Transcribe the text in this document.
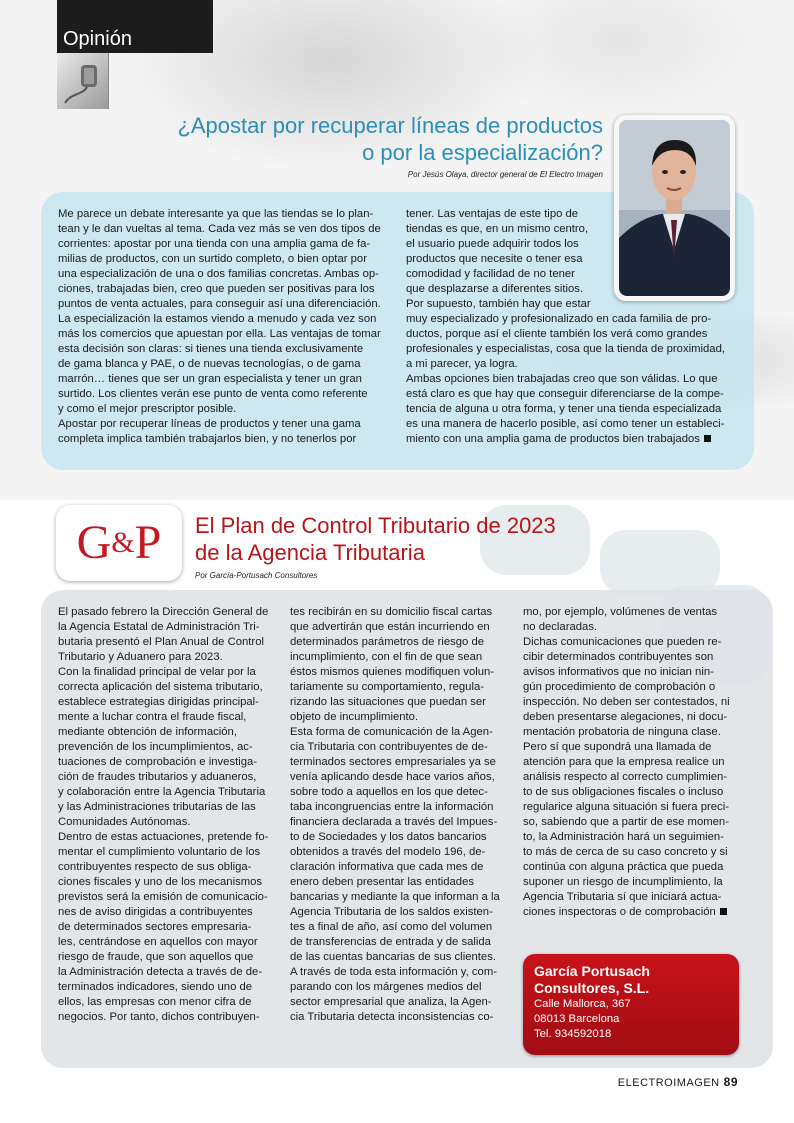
Opinión
¿Apostar por recuperar líneas de productos
o por la especialización?
Por Jesús Olaya, director general de El Electro Imagen

Me parece un debate interesante ya que las tiendas se lo plan-

tean y le dan vueltas al tema. Cada vez más se ven dos tipos de

corrientes: apostar por una tienda con una amplia gama de fa-

milias de productos, con un surtido completo, o bien optar por

una especialización de una o dos familias concretas. Ambas op-

ciones, trabajadas bien, creo que pueden ser positivas para los

puntos de venta actuales, para conseguir así una diferenciación.

La especialización la estamos viendo a menudo y cada vez son

más los comercios que apuestan por ella. Las ventajas de tomar

esta decisión son claras: si tienes una tienda exclusivamente

de gama blanca y PAE, o de nuevas tecnologías, o de gama

marrón… tienes que ser un gran especialista y tener un gran

surtido. Los clientes verán ese punto de venta como referente

y como el mejor prescriptor posible.

Apostar por recuperar líneas de productos y tener una gama

completa implica también trabajarlos bien, y no tenerlos por

tener. Las ventajas de este tipo de

tiendas es que, en un mismo centro,

el usuario puede adquirir todos los

productos que necesite o tener esa

comodidad y facilidad de no tener

que desplazarse a diferentes sitios.

Por supuesto, también hay que estar

muy especializado y profesionalizado en cada familia de pro-

ductos, porque así el cliente también los verá como grandes

profesionales y especialistas, cosa que la tienda de proximidad,

a mi parecer, ya logra.

Ambas opciones bien trabajadas creo que son válidas. Lo que

está claro es que hay que conseguir diferenciarse de la compe-

tencia de alguna u otra forma, y tener una tienda especializada

es una manera de hacerlo posible, así como tener un estableci-

miento con una amplia gama de productos bien trabajados

G&P	El Plan de Control Tributario de 2023
de la Agencia Tributaria
Por García-Portusach Consultores

El pasado febrero la Dirección General de

la Agencia Estatal de Administración Tri-

butaria presentó el Plan Anual de Control

Tributario y Aduanero para 2023.

Con la finalidad principal de velar por la

correcta aplicación del sistema tributario,

establece estrategias dirigidas principal-

mente a luchar contra el fraude fiscal,

mediante obtención de información,

prevención de los incumplimientos, ac-

tuaciones de comprobación e investiga-

ción de fraudes tributarios y aduaneros,

y colaboración entre la Agencia Tributaria

y las Administraciones tributarias de las

Comunidades Autónomas.

Dentro de estas actuaciones, pretende fo-

mentar el cumplimiento voluntario de los

contribuyentes respecto de sus obliga-

ciones fiscales y uno de los mecanismos

previstos será la emisión de comunicacio-

nes de aviso dirigidas a contribuyentes

de determinados sectores empresaria-

les, centrándose en aquellos con mayor

riesgo de fraude, que son aquellos que

la Administración detecta a través de de-

terminados indicadores, siendo uno de

ellos, las empresas con menor cifra de

negocios. Por tanto, dichos contribuyen-

tes recibirán en su domicilio fiscal cartas

que advertirán que están incurriendo en

determinados parámetros de riesgo de

incumplimiento, con el fin de que sean

éstos mismos quienes modifiquen volun-

tariamente su comportamiento, regula-

rizando las situaciones que puedan ser

objeto de incumplimiento.

Esta forma de comunicación de la Agen-

cia Tributaria con contribuyentes de de-

terminados sectores empresariales ya se

venía aplicando desde hace varios años,

sobre todo a aquellos en los que detec-

taba incongruencias entre la información

financiera declarada a través del Impues-

to de Sociedades y los datos bancarios

obtenidos a través del modelo 196, de-

claración informativa que cada mes de

enero deben presentar las entidades

bancarias y mediante la que informan a la

Agencia Tributaria de los saldos existen-

tes a final de año, así como del volumen

de transferencias de entrada y de salida

de las cuentas bancarias de sus clientes.

A través de toda esta información y, com-

parando con los márgenes medios del

sector empresarial que analiza, la Agen-

cia Tributaria detecta inconsistencias co-

mo, por ejemplo, volúmenes de ventas

no declaradas.

Dichas comunicaciones que pueden re-

cibir determinados contribuyentes son

avisos informativos que no inician nin-

gún procedimiento de comprobación o

inspección. No deben ser contestados, ni

deben presentarse alegaciones, ni docu-

mentación probatoria de ninguna clase.

Pero sí que supondrá una llamada de

atención para que la empresa realice un

análisis respecto al correcto cumplimien-

to de sus obligaciones fiscales o incluso

regularice alguna situación si fuera preci-

so, sabiendo que a partir de ese momen-

to, la Administración hará un seguimien-

to más de cerca de su caso concreto y si

continúa con alguna práctica que pueda

suponer un riesgo de incumplimiento, la

Agencia Tributaria sí que iniciará actua-

ciones inspectoras o de comprobación

García Portusach
Consultores, S.L.
Calle Mallorca, 367
08013 Barcelona
Tel. 934592018
ELECTROIMAGEN 89
